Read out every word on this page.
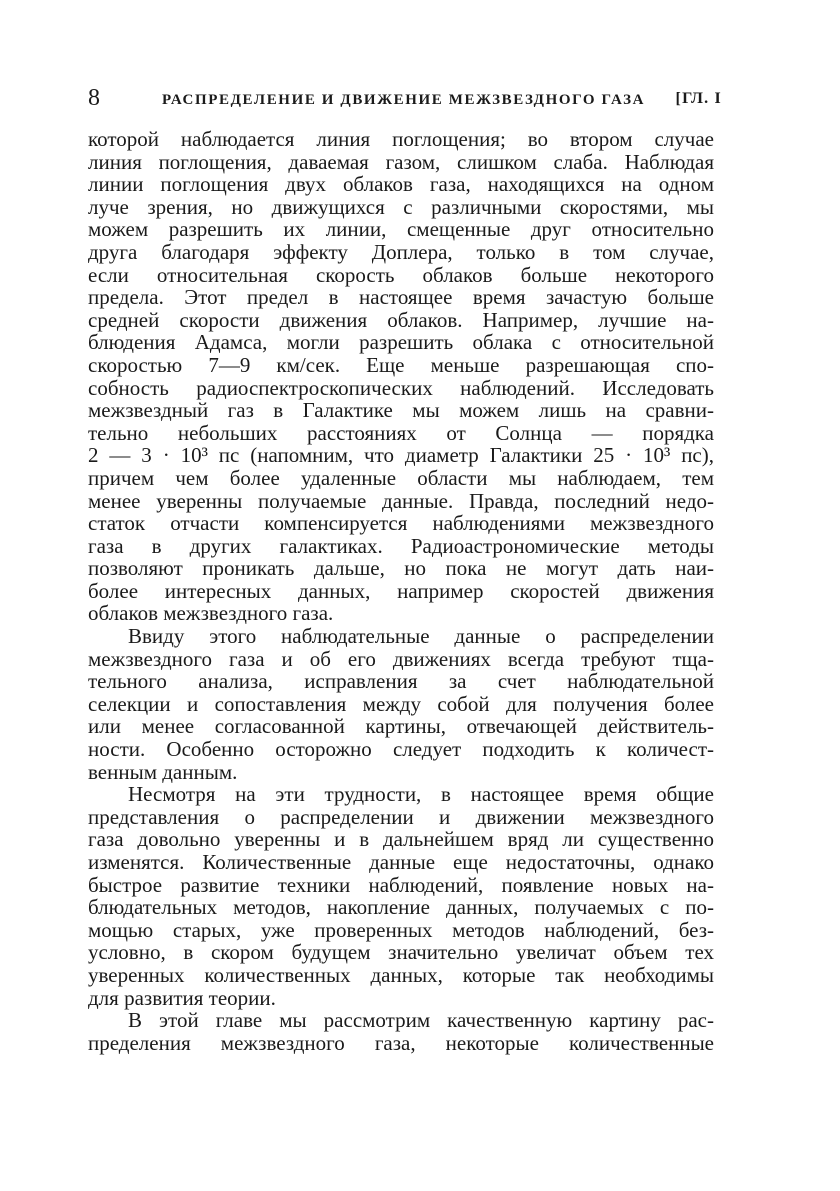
8	РАСПРЕДЕЛЕНИЕ И ДВИЖЕНИЕ МЕЖЗВЕЗДНОГО ГАЗА [ГЛ. I
которой наблюдается линия поглощения; во втором случае
линия поглощения, даваемая газом, слишком слаба. Наблюдая
линии поглощения двух облаков газа, находящихся на одном
луче зрения, но движущихся с различными скоростями, мы
можем разрешить их линии, смещенные друг относительно
друга благодаря эффекту Доплера, только в том случае,
если относительная скорость облаков больше некоторого
предела. Этот предел в настоящее время зачастую больше
средней скорости движения облаков. Например, лучшие на-
блюдения Адамса, могли разрешить облака с относительной
скоростью 7—9 км/сек. Еще меньше разрешающая спо-
собность радиоспектроскопических наблюдений. Исследовать
межзвездный газ в Галактике мы можем лишь на сравни-
тельно небольших расстояниях от Солнца — порядка
2 — 3 · 10³ пс (напомним, что диаметр Галактики 25 · 10³ пс),
причем чем более удаленные области мы наблюдаем, тем
менее уверенны получаемые данные. Правда, последний недо-
статок отчасти компенсируется наблюдениями межзвездного
газа в других галактиках. Радиоастрономические методы
позволяют проникать дальше, но пока не могут дать наи-
более интересных данных, например скоростей движения
облаков межзвездного газа.
Ввиду этого наблюдательные данные о распределении
межзвездного газа и об его движениях всегда требуют тща-
тельного анализа, исправления за счет наблюдательной
селекции и сопоставления между собой для получения более
или менее согласованной картины, отвечающей действитель-
ности. Особенно осторожно следует подходить к количест-
венным данным.
Несмотря на эти трудности, в настоящее время общие
представления о распределении и движении межзвездного
газа довольно уверенны и в дальнейшем вряд ли существенно
изменятся. Количественные данные еще недостаточны, однако
быстрое развитие техники наблюдений, появление новых на-
блюдательных методов, накопление данных, получаемых с по-
мощью старых, уже проверенных методов наблюдений, без-
условно, в скором будущем значительно увеличат объем тех
уверенных количественных данных, которые так необходимы
для развития теории.
В этой главе мы рассмотрим качественную картину рас-
пределения межзвездного газа, некоторые количественные
